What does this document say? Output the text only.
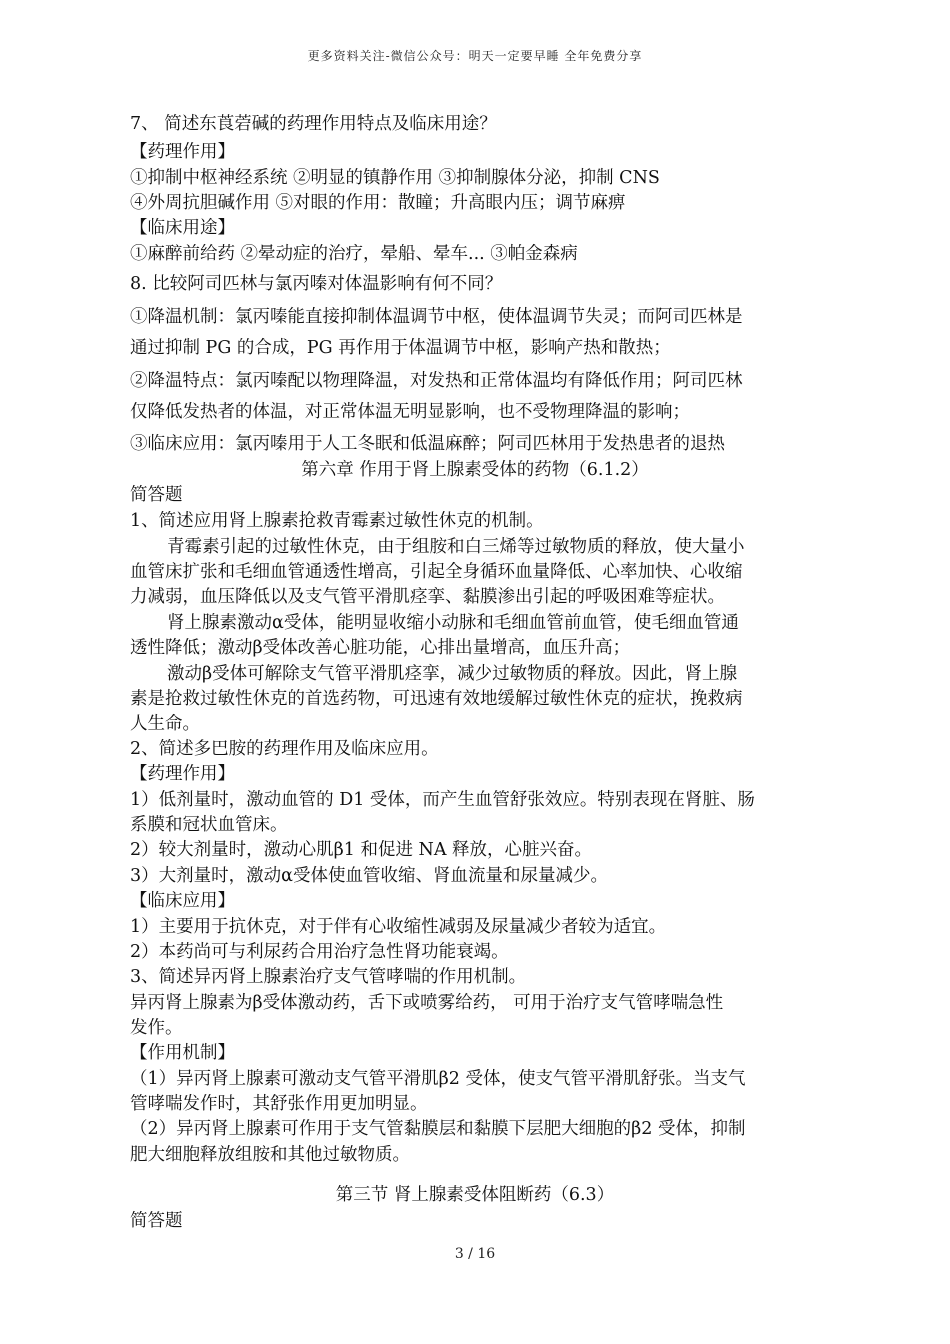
更多资料关注-微信公众号：明天一定要早睡 全年免费分享
7、 简述东莨菪碱的药理作用特点及临床用途？
【药理作用】
①抑制中枢神经系统 ②明显的镇静作用 ③抑制腺体分泌，抑制 CNS
④外周抗胆碱作用 ⑤对眼的作用：散瞳；升高眼内压；调节麻痹
【临床用途】
①麻醉前给药 ②晕动症的治疗，晕船、晕车... ③帕金森病
8. 比较阿司匹林与氯丙嗪对体温影响有何不同？
①降温机制：氯丙嗪能直接抑制体温调节中枢，使体温调节失灵；而阿司匹林是
通过抑制 PG 的合成，PG 再作用于体温调节中枢，影响产热和散热；
②降温特点：氯丙嗪配以物理降温，对发热和正常体温均有降低作用；阿司匹林
仅降低发热者的体温，对正常体温无明显影响，也不受物理降温的影响；
③临床应用：氯丙嗪用于人工冬眠和低温麻醉；阿司匹林用于发热患者的退热
第六章 作用于肾上腺素受体的药物（6.1.2）
简答题
1、简述应用肾上腺素抢救青霉素过敏性休克的机制。
青霉素引起的过敏性休克，由于组胺和白三烯等过敏物质的释放，使大量小
血管床扩张和毛细血管通透性增高，引起全身循环血量降低、心率加快、心收缩
力减弱，血压降低以及支气管平滑肌痉挛、黏膜渗出引起的呼吸困难等症状。
肾上腺素激动α受体，能明显收缩小动脉和毛细血管前血管，使毛细血管通
透性降低；激动β受体改善心脏功能，心排出量增高，血压升高；
激动β受体可解除支气管平滑肌痉挛，减少过敏物质的释放。因此，肾上腺
素是抢救过敏性休克的首选药物，可迅速有效地缓解过敏性休克的症状，挽救病
人生命。
2、简述多巴胺的药理作用及临床应用。
【药理作用】
1）低剂量时，激动血管的 D1 受体，而产生血管舒张效应。特别表现在肾脏、肠
系膜和冠状血管床。
2）较大剂量时，激动心肌β1 和促进 NA 释放，心脏兴奋。
3）大剂量时，激动α受体使血管收缩、肾血流量和尿量减少。
【临床应用】
1）主要用于抗休克，对于伴有心收缩性减弱及尿量减少者较为适宜。
2）本药尚可与利尿药合用治疗急性肾功能衰竭。
3、简述异丙肾上腺素治疗支气管哮喘的作用机制。
异丙肾上腺素为β受体激动药，舌下或喷雾给药， 可用于治疗支气管哮喘急性
发作。
【作用机制】
（1）异丙肾上腺素可激动支气管平滑肌β2 受体，使支气管平滑肌舒张。当支气
管哮喘发作时，其舒张作用更加明显。
（2）异丙肾上腺素可作用于支气管黏膜层和黏膜下层肥大细胞的β2 受体，抑制
肥大细胞释放组胺和其他过敏物质。
第三节 肾上腺素受体阻断药（6.3）
简答题
3 / 16
